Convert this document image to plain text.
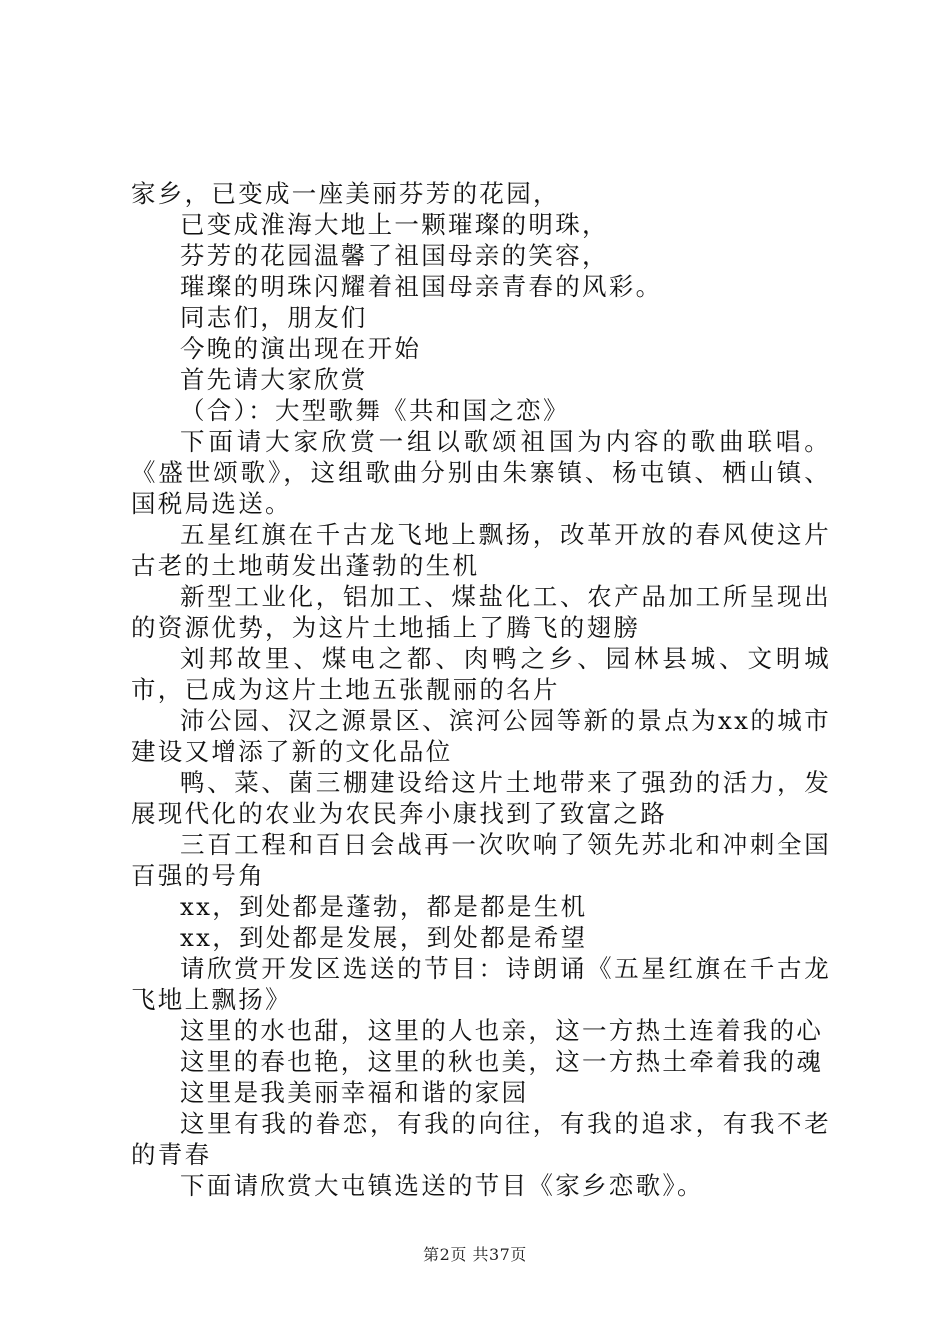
家乡，已变成一座美丽芬芳的花园，

已变成淮海大地上一颗璀璨的明珠，

芬芳的花园温馨了祖国母亲的笑容，

璀璨的明珠闪耀着祖国母亲青春的风彩。

同志们，朋友们

今晚的演出现在开始

首先请大家欣赏

（合）：大型歌舞《共和国之恋》

下面请大家欣赏一组以歌颂祖国为内容的歌曲联唱。《盛世颂歌》，这组歌曲分别由朱寨镇、杨屯镇、栖山镇、国税局选送。

五星红旗在千古龙飞地上飘扬，改革开放的春风使这片古老的土地萌发出蓬勃的生机

新型工业化，铝加工、煤盐化工、农产品加工所呈现出的资源优势，为这片土地插上了腾飞的翅膀

刘邦故里、煤电之都、肉鸭之乡、园林县城、文明城市，已成为这片土地五张靓丽的名片

沛公园、汉之源景区、滨河公园等新的景点为xx的城市建设又增添了新的文化品位

鸭、菜、菌三棚建设给这片土地带来了强劲的活力，发展现代化的农业为农民奔小康找到了致富之路

三百工程和百日会战再一次吹响了领先苏北和冲刺全国百强的号角

xx，到处都是蓬勃，都是都是生机

xx，到处都是发展，到处都是希望

请欣赏开发区选送的节目：诗朗诵《五星红旗在千古龙飞地上飘扬》

这里的水也甜，这里的人也亲，这一方热土连着我的心

这里的春也艳，这里的秋也美，这一方热土牵着我的魂

这里是我美丽幸福和谐的家园

这里有我的眷恋，有我的向往，有我的追求，有我不老的青春

下面请欣赏大屯镇选送的节目《家乡恋歌》。

第2页 共37页
